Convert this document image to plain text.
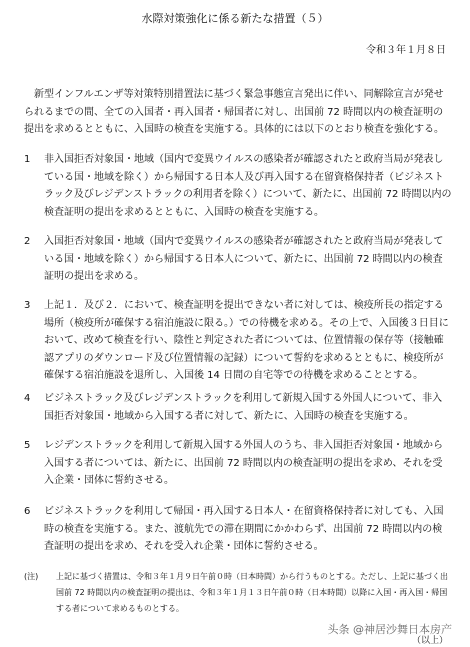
水際対策強化に係る新たな措置（５）
令和３年１月８日
新型インフルエンザ等対策特別措置法に基づく緊急事態宣言発出に伴い、同解除宣言が発せられるまでの間、全ての入国者・再入国者・帰国者に対し、出国前 72 時間以内の検査証明の提出を求めるとともに、入国時の検査を実施する。具体的には以下のとおり検査を強化する。
1	非入国拒否対象国・地域（国内で変異ウイルスの感染者が確認されたと政府当局が発表している国・地域を除く）から帰国する日本人及び再入国する在留資格保持者（ビジネストラック及びレジデンストラックの利用者を除く）について、新たに、出国前 72 時間以内の検査証明の提出を求めるとともに、入国時の検査を実施する。
2	入国拒否対象国・地域（国内で変異ウイルスの感染者が確認されたと政府当局が発表している国・地域を除く）から帰国する日本人について、新たに、出国前 72 時間以内の検査証明の提出を求める。
3	上記１．及び２．において、検査証明を提出できない者に対しては、検疫所長の指定する場所（検疫所が確保する宿泊施設に限る。）での待機を求める。その上で、入国後３日目において、改めて検査を行い、陰性と判定された者については、位置情報の保存等（接触確認アプリのダウンロード及び位置情報の記録）について誓約を求めるとともに、検疫所が確保する宿泊施設を退所し、入国後 14 日間の自宅等での待機を求めることとする。
4	ビジネストラック及びレジデンストラックを利用して新規入国する外国人について、非入国拒否対象国・地域から入国する者に対して、新たに、入国時の検査を実施する。
5	レジデンストラックを利用して新規入国する外国人のうち、非入国拒否対象国・地域から入国する者については、新たに、出国前 72 時間以内の検査証明の提出を求め、それを受入企業・団体に誓約させる。
6	ビジネストラックを利用して帰国・再入国する日本人・在留資格保持者に対しても、入国時の検査を実施する。また、渡航先での滞在期間にかかわらず、出国前 72 時間以内の検査証明の提出を求め、それを受入れ企業・団体に誓約させる。
(注)	上記に基づく措置は、令和３年１月９日午前０時（日本時間）から行うものとする。ただし、上記に基づく出国前 72 時間以内の検査証明の提出は、令和３年１月１３日午前０時（日本時間）以降に入国・再入国・帰国する者について求めるものとする。
头条 @神居沙舞日本房产
（以上）
